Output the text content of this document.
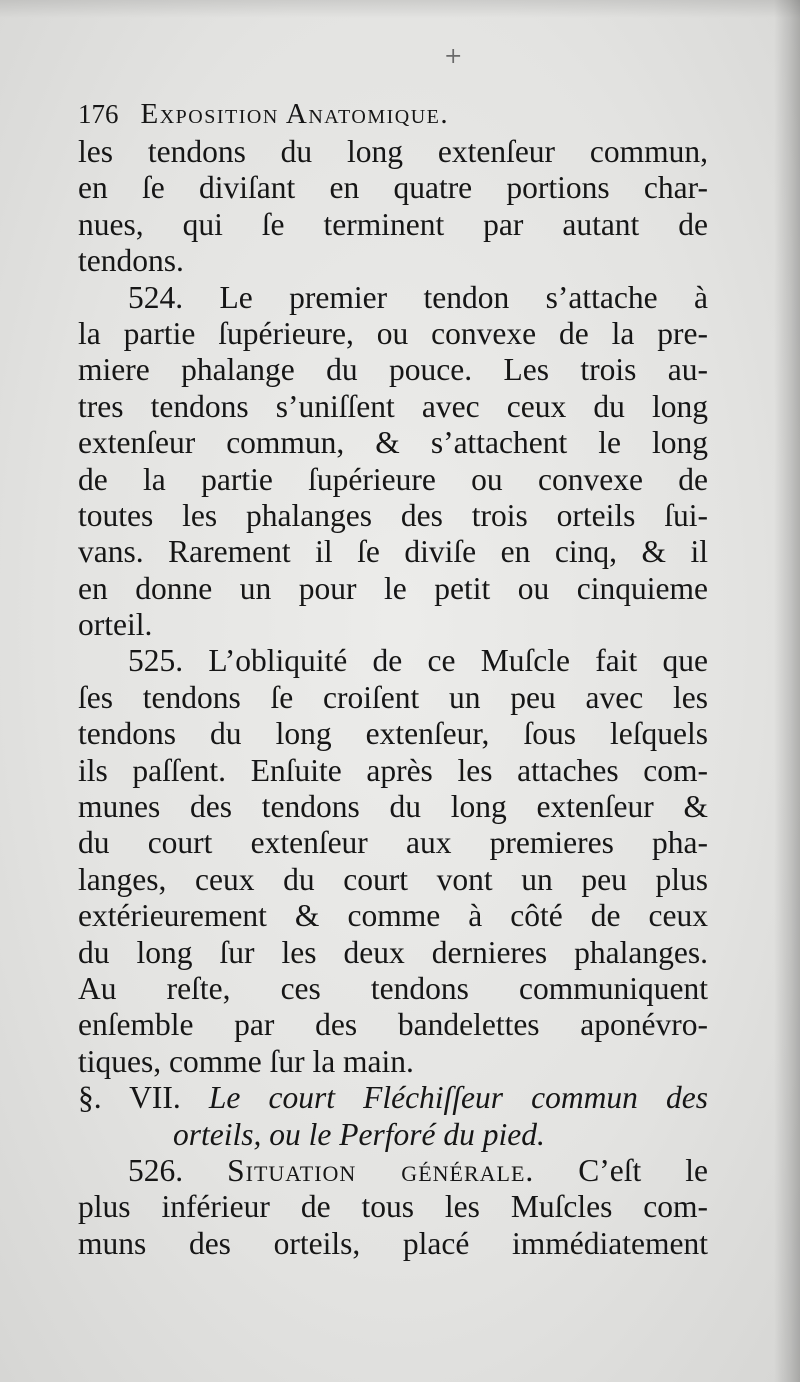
+
176 Exposition Anatomique.
les tendons du long extenſeur commun,
en ſe diviſant en quatre portions char-
nues, qui ſe terminent par autant de
tendons.
524. Le premier tendon s’attache à
la partie ſupérieure, ou convexe de la pre-
miere phalange du pouce. Les trois au-
tres tendons s’uniſſent avec ceux du long
extenſeur commun, & s’attachent le long
de la partie ſupérieure ou convexe de
toutes les phalanges des trois orteils ſui-
vans. Rarement il ſe diviſe en cinq, & il
en donne un pour le petit ou cinquieme
orteil.
525. L’obliquité de ce Muſcle fait que
ſes tendons ſe croiſent un peu avec les
tendons du long extenſeur, ſous leſquels
ils paſſent. Enſuite après les attaches com-
munes des tendons du long extenſeur &
du court extenſeur aux premieres pha-
langes, ceux du court vont un peu plus
extérieurement & comme à côté de ceux
du long ſur les deux dernieres phalanges.
Au reſte, ces tendons communiquent
enſemble par des bandelettes aponévro-
tiques, comme ſur la main.
§. VII. Le court Fléchiſſeur commun des
orteils, ou le Perforé du pied.
526. Situation générale. C’eſt le
plus inférieur de tous les Muſcles com-
muns des orteils, placé immédiatement
